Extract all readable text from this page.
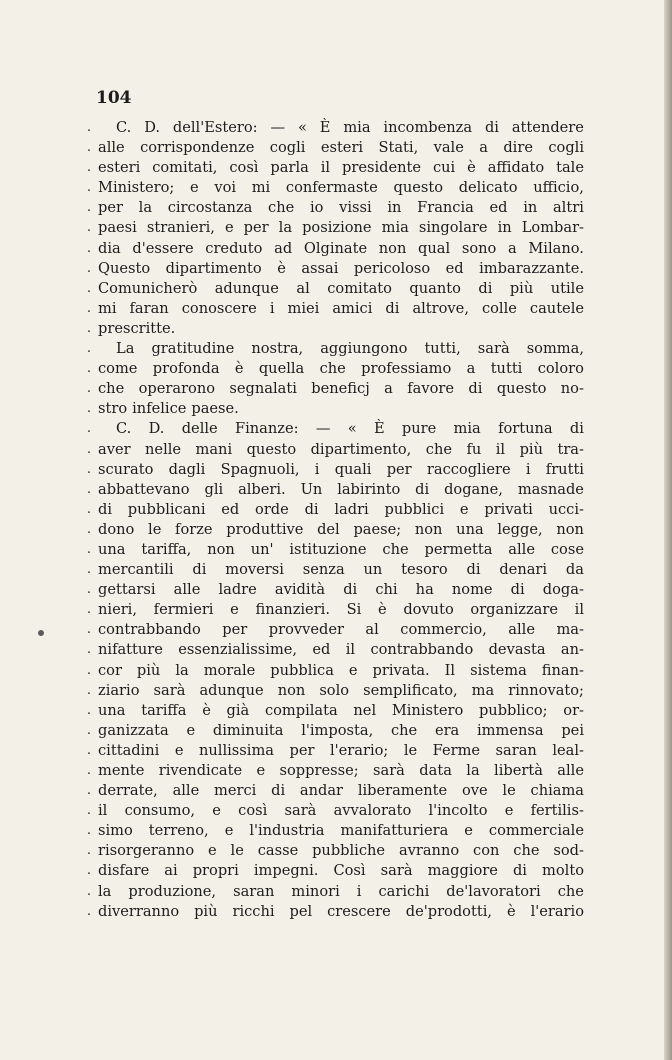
104

. C. D. dell'Estero: — « È mia incombenza di attendere
. alle corrispondenze cogli esteri Stati, vale a dire cogli
. esteri comitati, così parla il presidente cui è affidato tale
. Ministero; e voi mi confermaste questo delicato ufficio,
. per la circostanza che io vissi in Francia ed in altri
. paesi stranieri, e per la posizione mia singolare in Lombar-
. dia d'essere creduto ad Olginate non qual sono a Milano.
. Questo dipartimento è assai pericoloso ed imbarazzante.
. Comunicherò adunque al comitato quanto di più utile
. mi faran conoscere i miei amici di altrove, colle cautele
. prescritte.
. La gratitudine nostra, aggiungono tutti, sarà somma,
. come profonda è quella che professiamo a tutti coloro
. che operarono segnalati beneficj a favore di questo no-
. stro infelice paese.
. C. D. delle Finanze: — « È pure mia fortuna di
. aver nelle mani questo dipartimento, che fu il più tra-
. scurato dagli Spagnuoli, i quali per raccogliere i frutti
. abbattevano gli alberi. Un labirinto di dogane, masnade
. di pubblicani ed orde di ladri pubblici e privati ucci-
. dono le forze produttive del paese; non una legge, non
. una tariffa, non un' istituzione che permetta alle cose
. mercantili di moversi senza un tesoro di denari da
. gettarsi alle ladre avidità di chi ha nome di doga-
. nieri, fermieri e finanzieri. Si è dovuto organizzare il
. contrabbando per provveder al commercio, alle ma-
. nifatture essenzialissime, ed il contrabbando devasta an-
. cor più la morale pubblica e privata. Il sistema finan-
. ziario sarà adunque non solo semplificato, ma rinnovato;
. una tariffa è già compilata nel Ministero pubblico; or-
. ganizzata e diminuita l'imposta, che era immensa pei
. cittadini e nullissima per l'erario; le Ferme saran leal-
. mente rivendicate e soppresse; sarà data la libertà alle
. derrate, alle merci di andar liberamente ove le chiama
. il consumo, e così sarà avvalorato l'incolto e fertilis-
. simo terreno, e l'industria manifatturiera e commerciale
. risorgeranno e le casse pubbliche avranno con che sod-
. disfare ai propri impegni. Così sarà maggiore di molto
. la produzione, saran minori i carichi de'lavoratori che
. diverranno più ricchi pel crescere de'prodotti, è l'erario
